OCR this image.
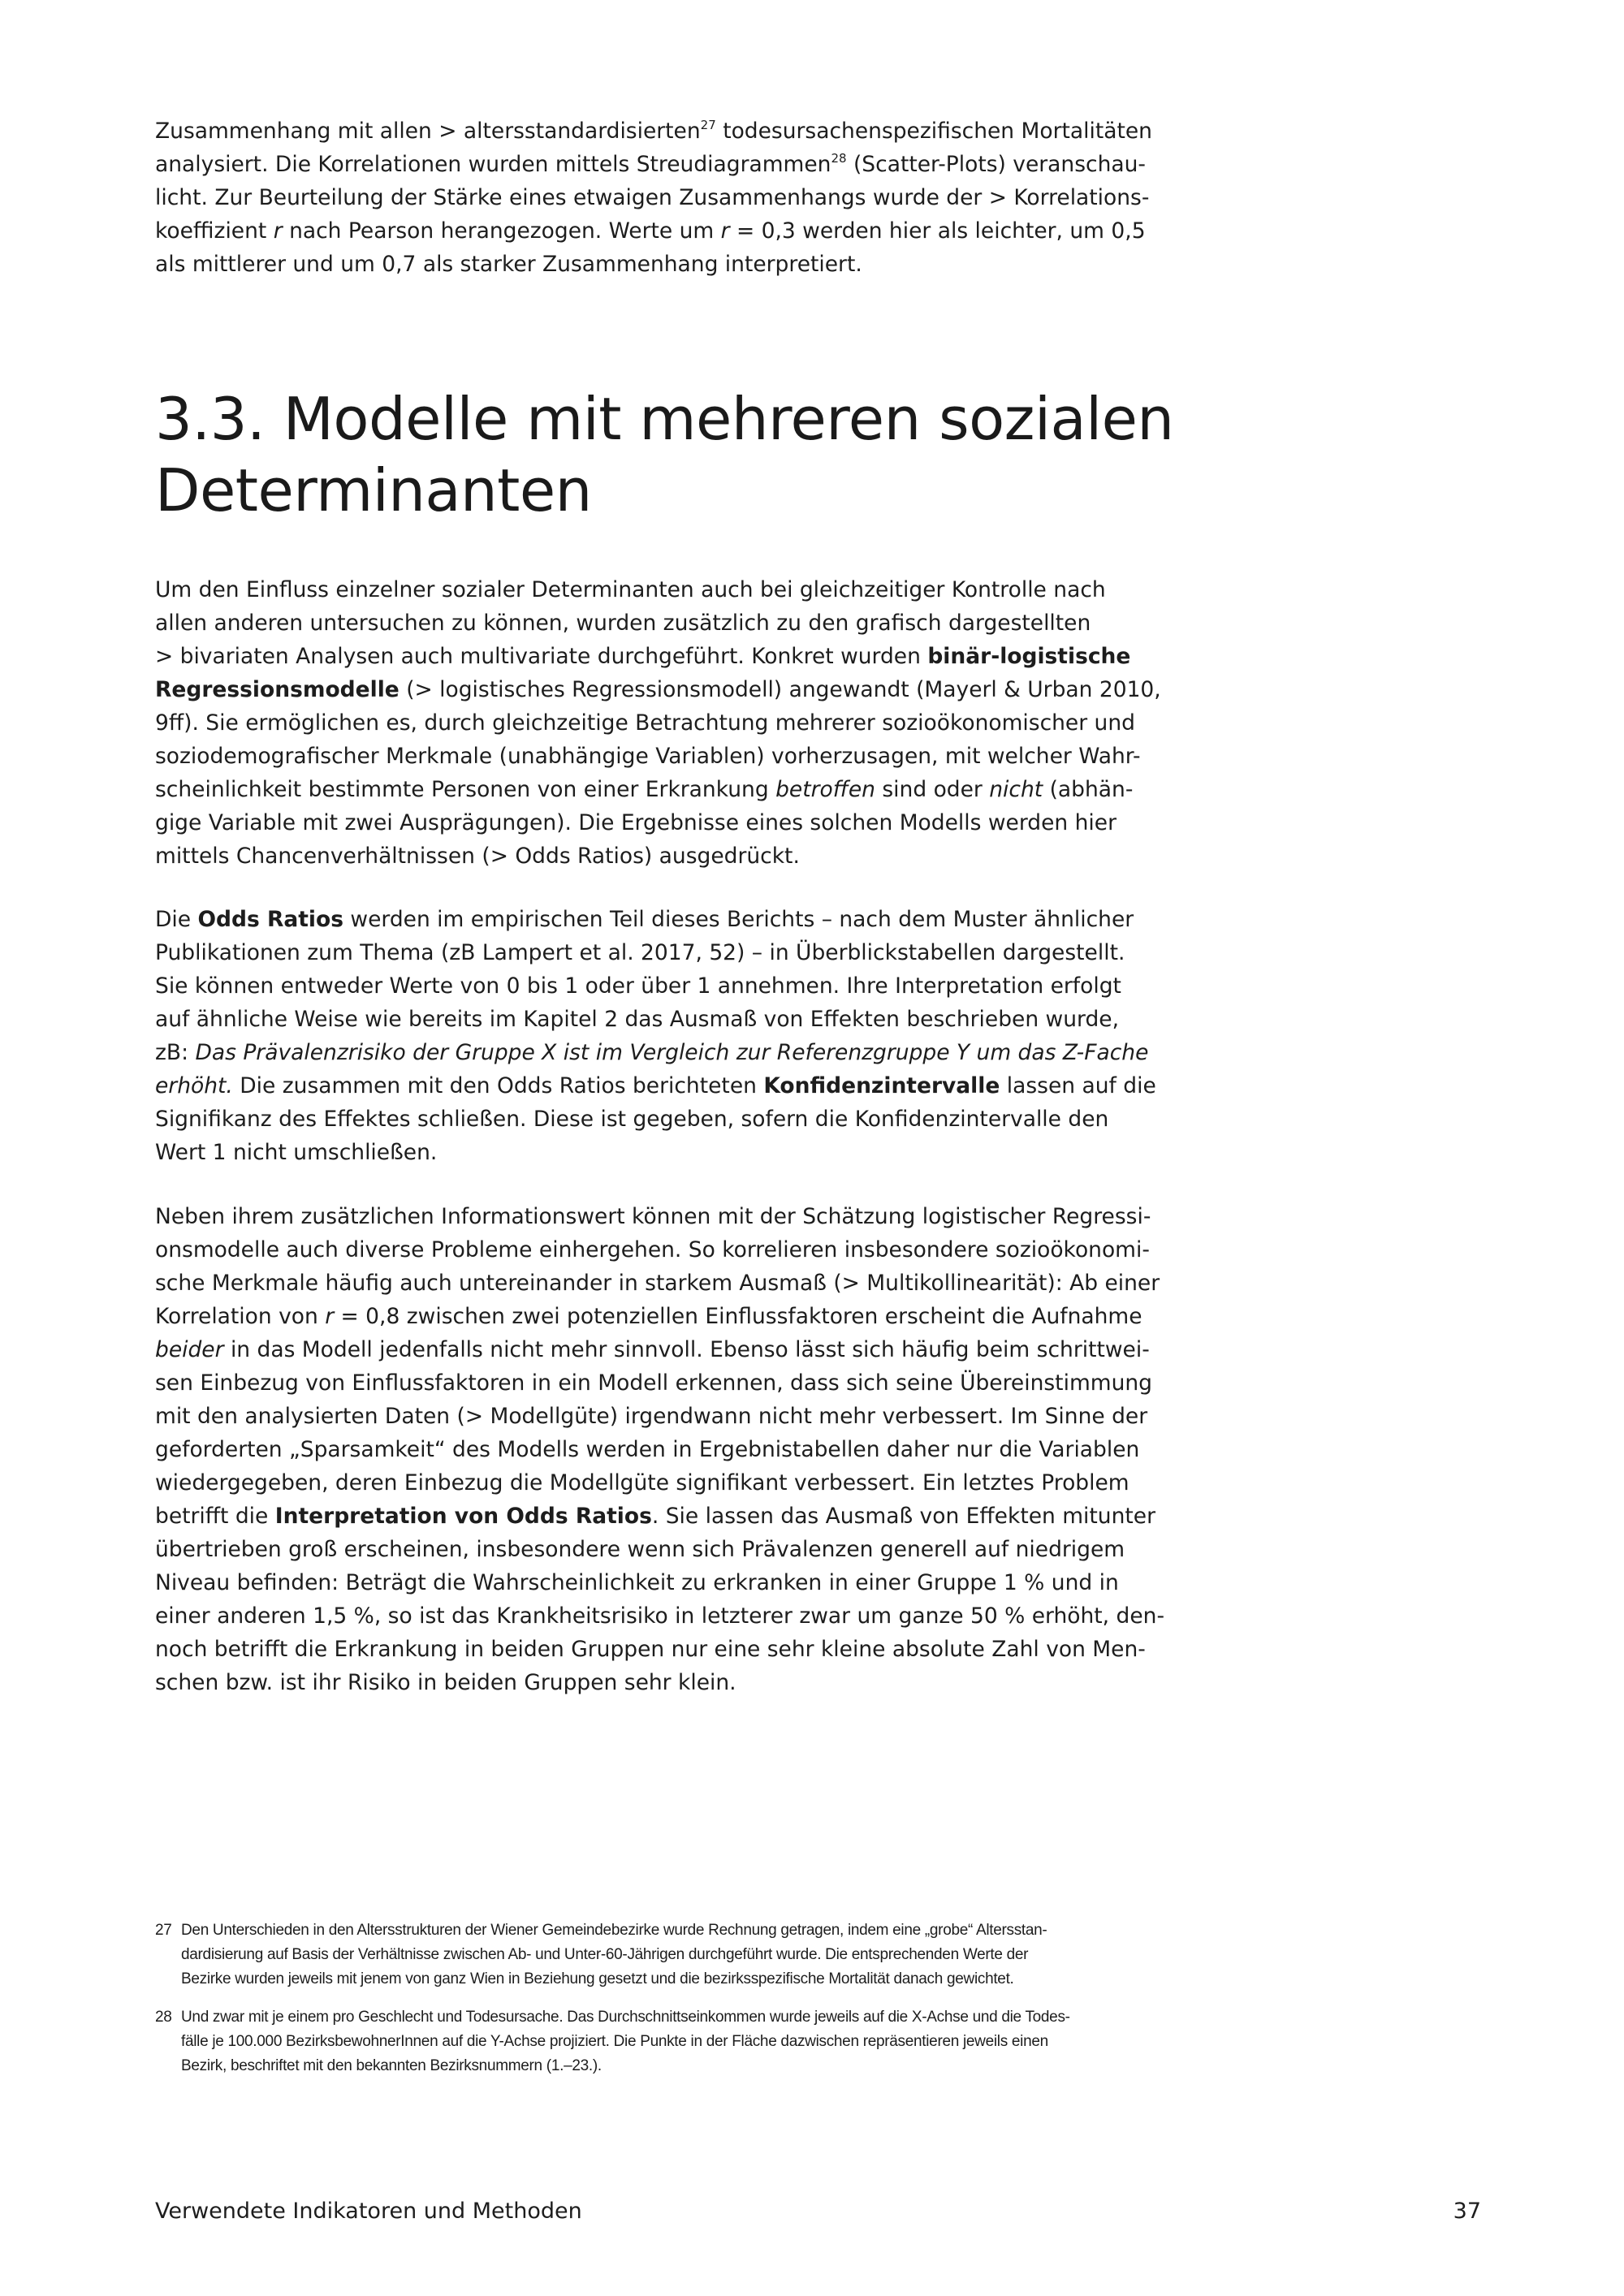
Zusammenhang mit allen > altersstandardisierten$^{27}$ todesursachenspezifischen Mortalitäten
analysiert. Die Korrelationen wurden mittels Streudiagrammen$^{28}$ (Scatter-Plots) veranschau-
licht. Zur Beurteilung der Stärke eines etwaigen Zusammenhangs wurde der > Korrelations-
koeffizient r nach Pearson herangezogen. Werte um r = 0,3 werden hier als leichter, um 0,5
als mittlerer und um 0,7 als starker Zusammenhang interpretiert.
3.3. Modelle mit mehreren sozialen
Determinanten
Um den Einfluss einzelner sozialer Determinanten auch bei gleichzeitiger Kontrolle nach
allen anderen untersuchen zu können, wurden zusätzlich zu den grafisch dargestellten
> bivariaten Analysen auch multivariate durchgeführt. Konkret wurden binär-logistische
Regressionsmodelle (> logistisches Regressionsmodell) angewandt (Mayerl & Urban 2010,
9ff). Sie ermöglichen es, durch gleichzeitige Betrachtung mehrerer sozioökonomischer und
soziodemografischer Merkmale (unabhängige Variablen) vorherzusagen, mit welcher Wahr-
scheinlichkeit bestimmte Personen von einer Erkrankung betroffen sind oder nicht (abhän-
gige Variable mit zwei Ausprägungen). Die Ergebnisse eines solchen Modells werden hier
mittels Chancenverhältnissen (> Odds Ratios) ausgedrückt.
Die Odds Ratios werden im empirischen Teil dieses Berichts – nach dem Muster ähnlicher
Publikationen zum Thema (zB Lampert et al. 2017, 52) – in Überblickstabellen dargestellt.
Sie können entweder Werte von 0 bis 1 oder über 1 annehmen. Ihre Interpretation erfolgt
auf ähnliche Weise wie bereits im Kapitel 2 das Ausmaß von Effekten beschrieben wurde,
zB: Das Prävalenzrisiko der Gruppe X ist im Vergleich zur Referenzgruppe Y um das Z-Fache
erhöht. Die zusammen mit den Odds Ratios berichteten Konfidenzintervalle lassen auf die
Signifikanz des Effektes schließen. Diese ist gegeben, sofern die Konfidenzintervalle den
Wert 1 nicht umschließen.
Neben ihrem zusätzlichen Informationswert können mit der Schätzung logistischer Regressi-
onsmodelle auch diverse Probleme einhergehen. So korrelieren insbesondere sozioökonomi-
sche Merkmale häufig auch untereinander in starkem Ausmaß (> Multikollinearität): Ab einer
Korrelation von r = 0,8 zwischen zwei potenziellen Einflussfaktoren erscheint die Aufnahme
beider in das Modell jedenfalls nicht mehr sinnvoll. Ebenso lässt sich häufig beim schrittwei-
sen Einbezug von Einflussfaktoren in ein Modell erkennen, dass sich seine Übereinstimmung
mit den analysierten Daten (> Modellgüte) irgendwann nicht mehr verbessert. Im Sinne der
geforderten „Sparsamkeit“ des Modells werden in Ergebnistabellen daher nur die Variablen
wiedergegeben, deren Einbezug die Modellgüte signifikant verbessert. Ein letztes Problem
betrifft die Interpretation von Odds Ratios. Sie lassen das Ausmaß von Effekten mitunter
übertrieben groß erscheinen, insbesondere wenn sich Prävalenzen generell auf niedrigem
Niveau befinden: Beträgt die Wahrscheinlichkeit zu erkranken in einer Gruppe 1 % und in
einer anderen 1,5 %, so ist das Krankheitsrisiko in letzterer zwar um ganze 50 % erhöht, den-
noch betrifft die Erkrankung in beiden Gruppen nur eine sehr kleine absolute Zahl von Men-
schen bzw. ist ihr Risiko in beiden Gruppen sehr klein.
27 Den Unterschieden in den Altersstrukturen der Wiener Gemeindebezirke wurde Rechnung getragen, indem eine „grobe“ Altersstan-
dardisierung auf Basis der Verhältnisse zwischen Ab- und Unter-60-Jährigen durchgeführt wurde. Die entsprechenden Werte der
Bezirke wurden jeweils mit jenem von ganz Wien in Beziehung gesetzt und die bezirksspezifische Mortalität danach gewichtet.
28 Und zwar mit je einem pro Geschlecht und Todesursache. Das Durchschnittseinkommen wurde jeweils auf die X-Achse und die Todes-
fälle je 100.000 BezirksbewohnerInnen auf die Y-Achse projiziert. Die Punkte in der Fläche dazwischen repräsentieren jeweils einen
Bezirk, beschriftet mit den bekannten Bezirksnummern (1.–23.).
Verwendete Indikatoren und Methoden	37
